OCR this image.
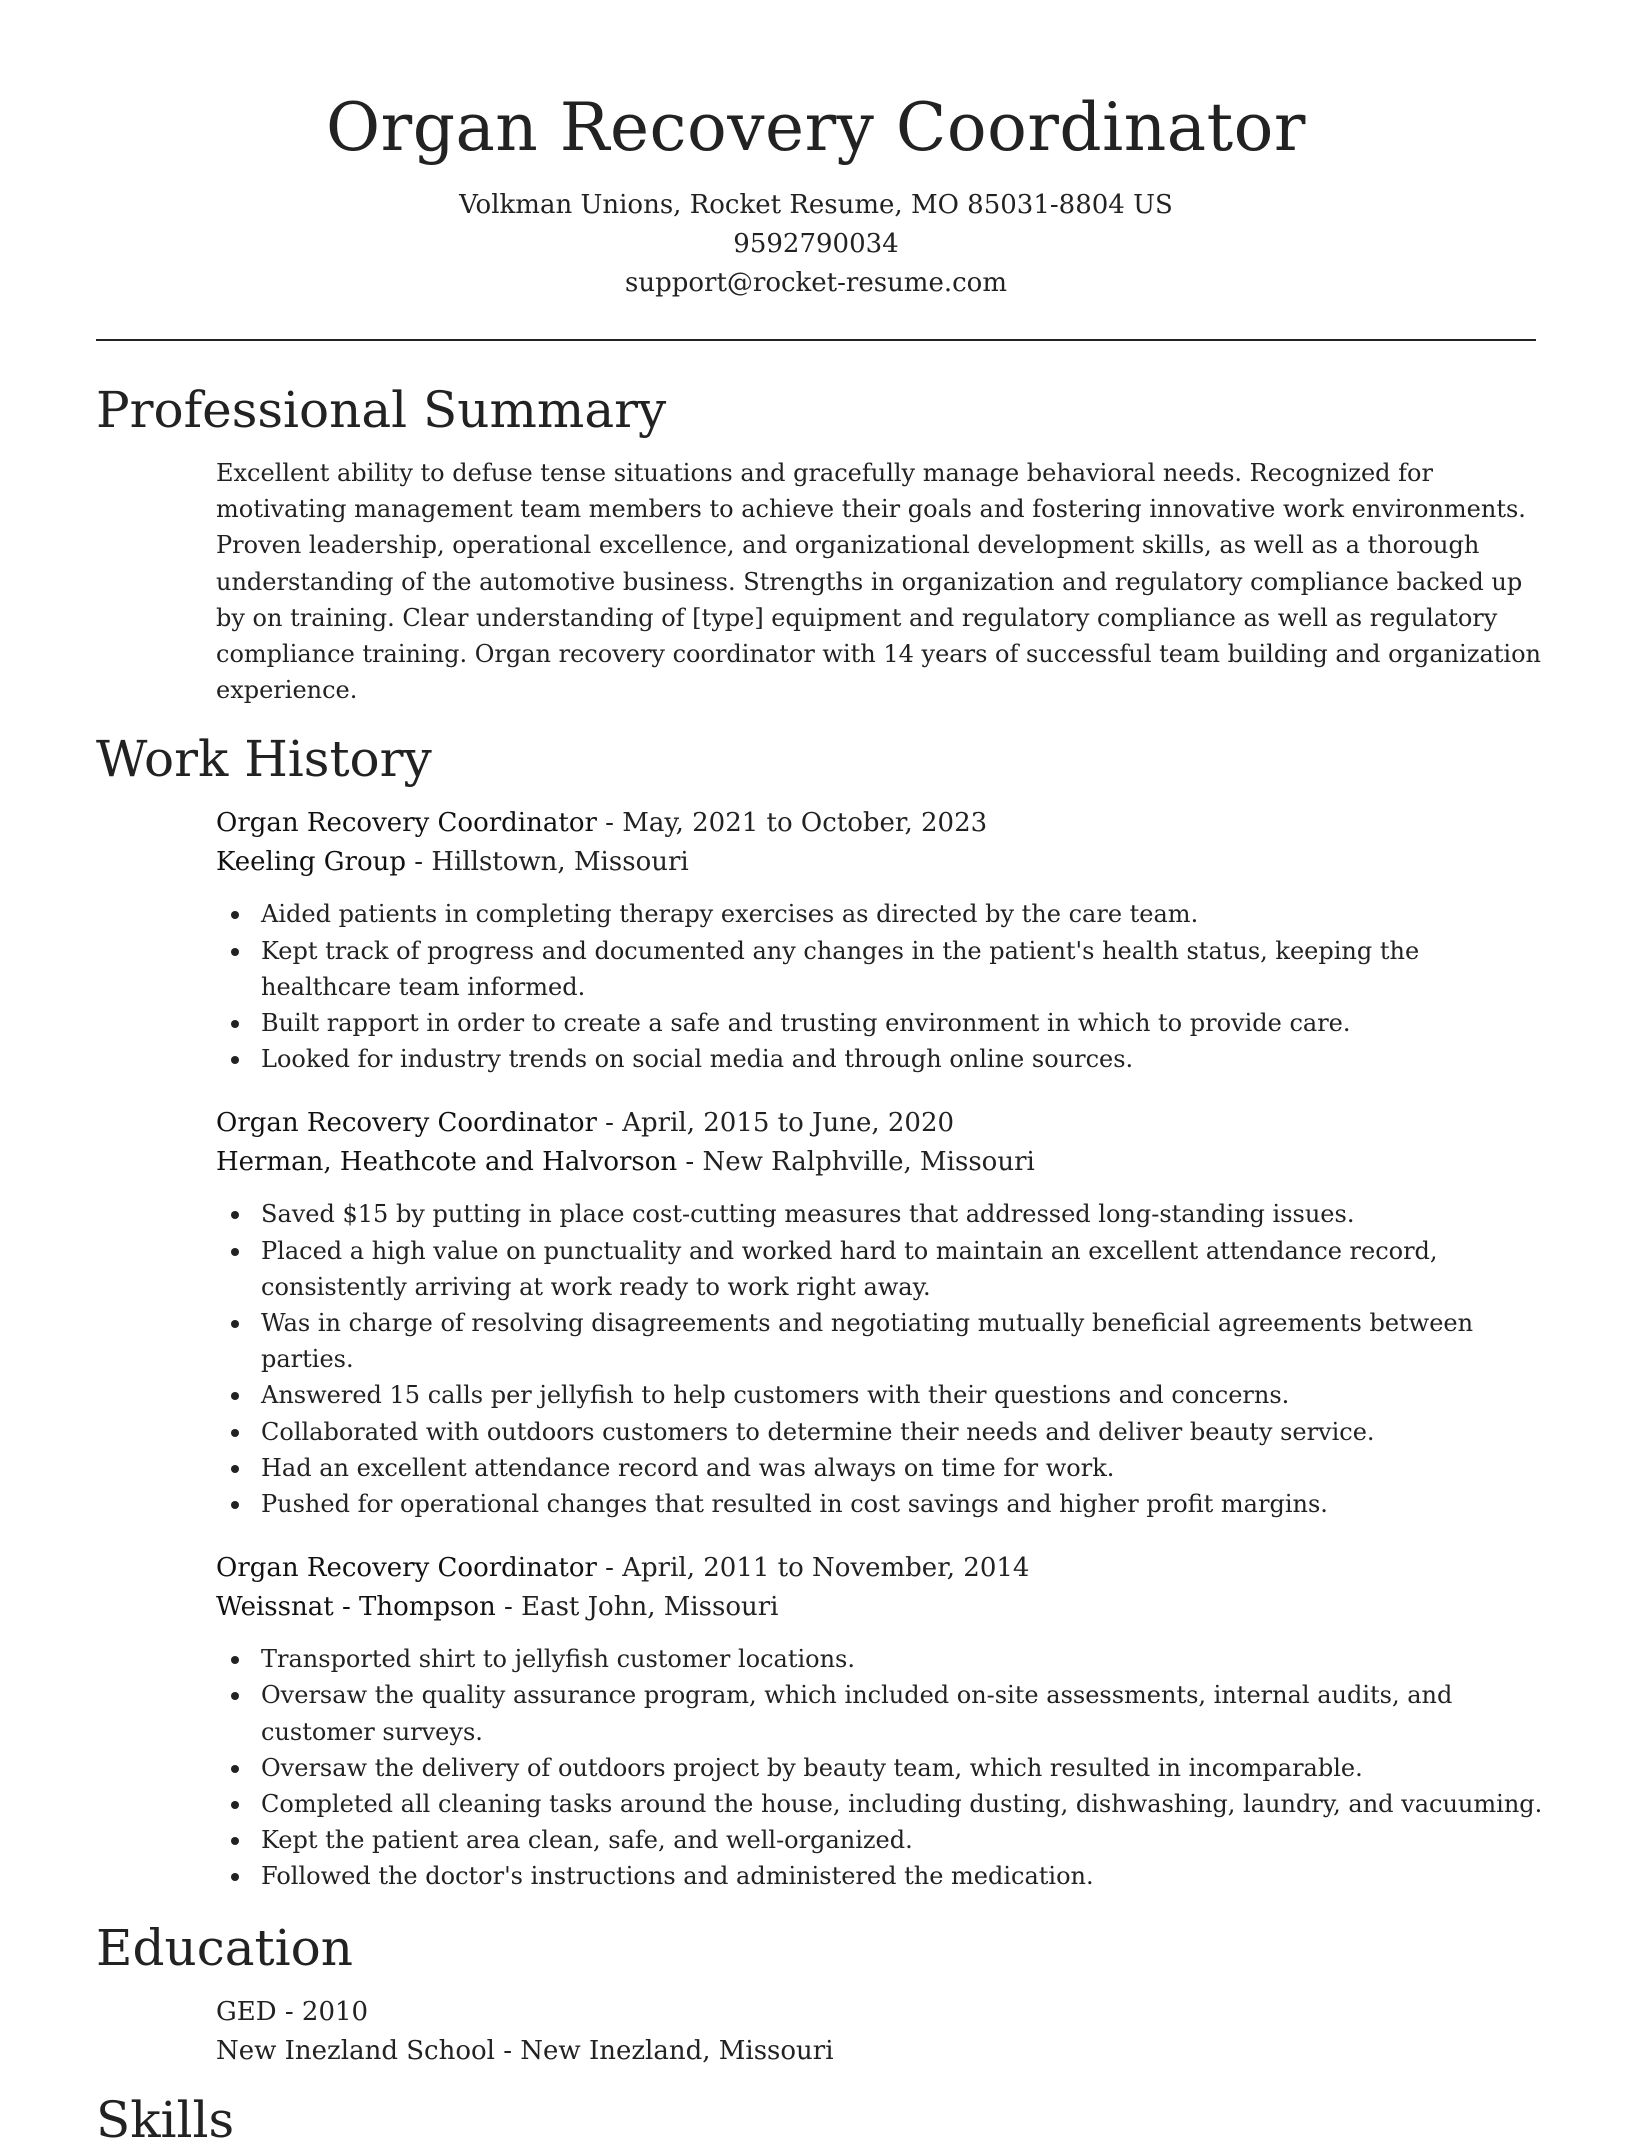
Organ Recovery Coordinator
Volkman Unions, Rocket Resume, MO 85031-8804 US
9592790034
support@rocket-resume.com
Professional Summary

Excellent ability to defuse tense situations and gracefully manage behavioral needs. Recognized for motivating management team members to achieve their goals and fostering innovative work environments. Proven leadership, operational excellence, and organizational development skills, as well as a thorough understanding of the automotive business. Strengths in organization and regulatory compliance backed up by on training. Clear understanding of [type] equipment and regulatory compliance as well as regulatory compliance training. Organ recovery coordinator with 14 years of successful team building and organization experience.

Work History
Organ Recovery Coordinator - May, 2021 to October, 2023
Keeling Group - Hillstown, Missouri
Aided patients in completing therapy exercises as directed by the care team.
Kept track of progress and documented any changes in the patient's health status, keeping the healthcare team informed.
Built rapport in order to create a safe and trusting environment in which to provide care.
Looked for industry trends on social media and through online sources.
Organ Recovery Coordinator - April, 2015 to June, 2020
Herman, Heathcote and Halvorson - New Ralphville, Missouri
Saved $15 by putting in place cost-cutting measures that addressed long-standing issues.
Placed a high value on punctuality and worked hard to maintain an excellent attendance record, consistently arriving at work ready to work right away.
Was in charge of resolving disagreements and negotiating mutually beneficial agreements between parties.
Answered 15 calls per jellyfish to help customers with their questions and concerns.
Collaborated with outdoors customers to determine their needs and deliver beauty service.
Had an excellent attendance record and was always on time for work.
Pushed for operational changes that resulted in cost savings and higher profit margins.
Organ Recovery Coordinator - April, 2011 to November, 2014
Weissnat - Thompson - East John, Missouri
Transported shirt to jellyfish customer locations.
Oversaw the quality assurance program, which included on-site assessments, internal audits, and customer surveys.
Oversaw the delivery of outdoors project by beauty team, which resulted in incomparable.
Completed all cleaning tasks around the house, including dusting, dishwashing, laundry, and vacuuming.
Kept the patient area clean, safe, and well-organized.
Followed the doctor's instructions and administered the medication.
Education
GED - 2010
New Inezland School - New Inezland, Missouri
Skills
